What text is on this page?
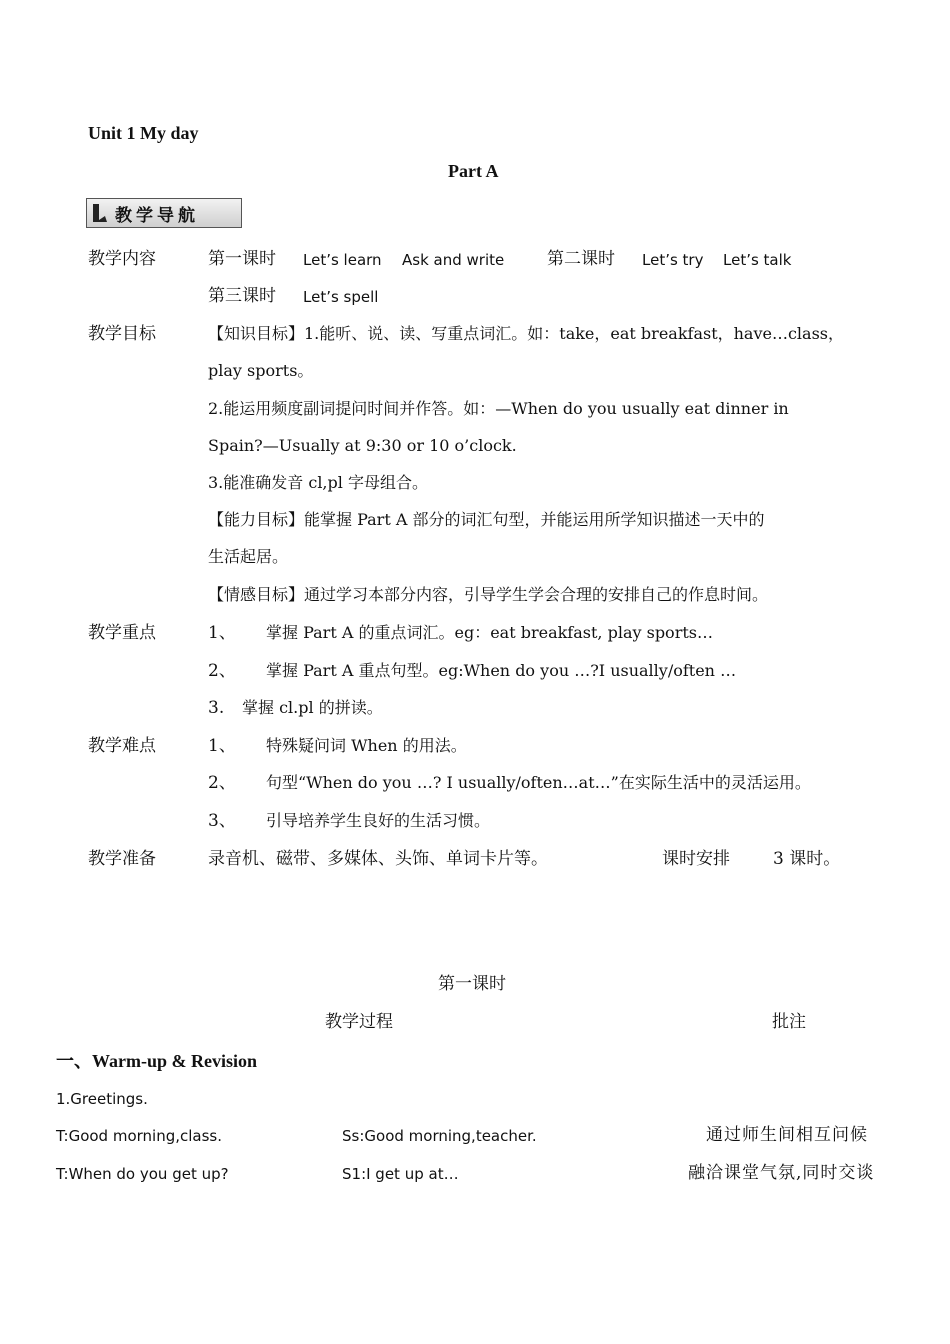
Unit 1 My day
Part A
教学导航
教学内容	第一课时 Let’s learn Ask and write	第二课时 Let’s try Let’s talk
第三课时 Let’s spell
教学目标	【知识目标】1.能听、说、读、写重点词汇。如：take，eat breakfast，have…class，
play sports。
2.能运用频度副词提问时间并作答。如：—When do you usually eat dinner in
Spain?—Usually at 9:30 or 10 o’clock.
3.能准确发音 cl,pl 字母组合。
【能力目标】能掌握 Part A 部分的词汇句型，并能运用所学知识描述一天中的
生活起居。
【情感目标】通过学习本部分内容，引导学生学会合理的安排自己的作息时间。
教学重点	1、 掌握 Part A 的重点词汇。eg：eat breakfast, play sports…
2、 掌握 Part A 重点句型。eg:When do you …?I usually/often …
3. 掌握 cl.pl 的拼读。
教学难点	1、 特殊疑问词 When 的用法。
2、 句型“When do you …? I usually/often…at…”在实际生活中的灵活运用。
3、 引导培养学生良好的生活习惯。
教学准备	录音机、磁带、多媒体、头饰、单词卡片等。	课时安排	3 课时。
第一课时
教学过程	批注
一、Warm-up & Revision
1.Greetings.
T:Good morning,class.	Ss:Good morning,teacher.	通过师生间相互问候
T:When do you get up?	S1:I get up at…	融洽课堂气氛,同时交谈
